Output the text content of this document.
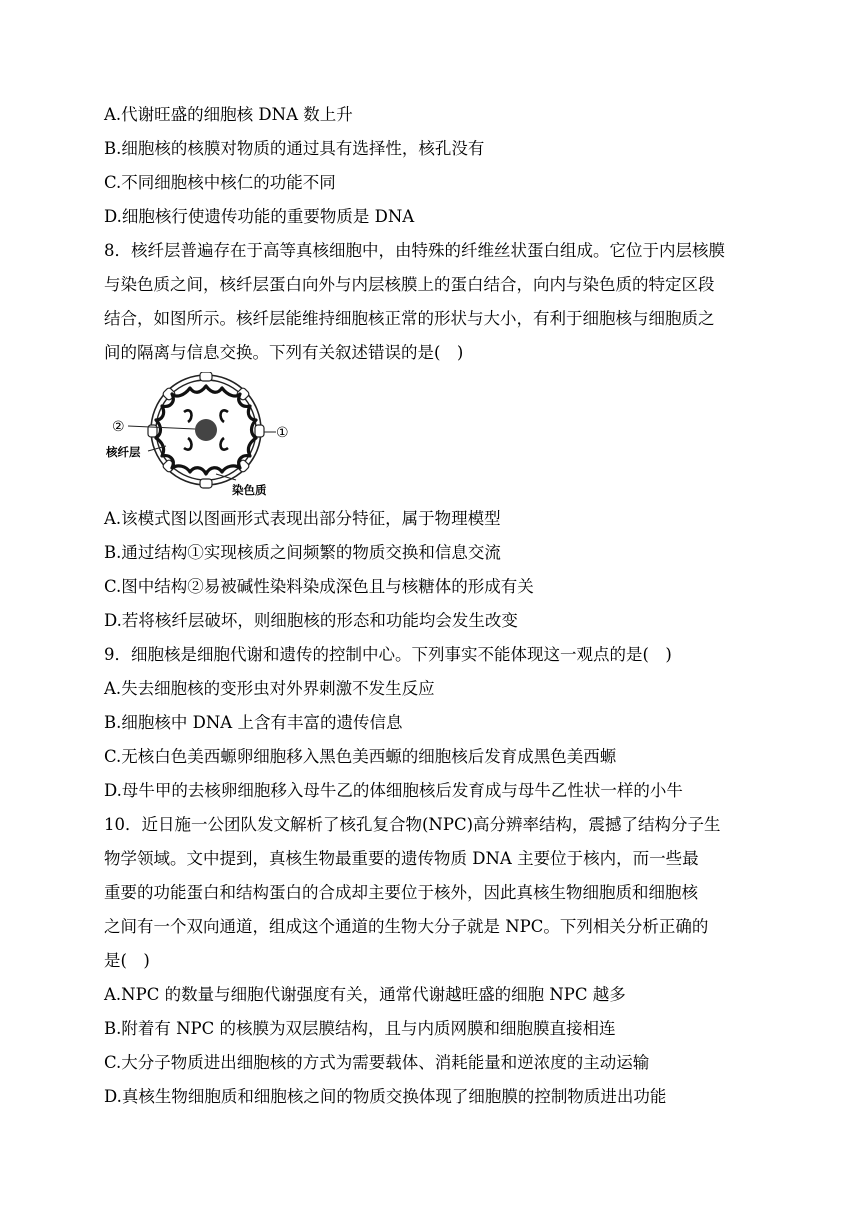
A.代谢旺盛的细胞核 DNA 数上升
B.细胞核的核膜对物质的通过具有选择性，核孔没有
C.不同细胞核中核仁的功能不同
D.细胞核行使遗传功能的重要物质是 DNA
8．核纤层普遍存在于高等真核细胞中，由特殊的纤维丝状蛋白组成。它位于内层核膜
与染色质之间，核纤层蛋白向外与内层核膜上的蛋白结合，向内与染色质的特定区段
结合，如图所示。核纤层能维持细胞核正常的形状与大小，有利于细胞核与细胞质之
间的隔离与信息交换。下列有关叙述错误的是(　)
②	①
核纤层
染色质
A.该模式图以图画形式表现出部分特征，属于物理模型
B.通过结构①实现核质之间频繁的物质交换和信息交流
C.图中结构②易被碱性染料染成深色且与核糖体的形成有关
D.若将核纤层破坏，则细胞核的形态和功能均会发生改变
9．细胞核是细胞代谢和遗传的控制中心。下列事实不能体现这一观点的是(　)
A.失去细胞核的变形虫对外界刺激不发生反应
B.细胞核中 DNA 上含有丰富的遗传信息
C.无核白色美西螈卵细胞移入黑色美西螈的细胞核后发育成黑色美西螈
D.母牛甲的去核卵细胞移入母牛乙的体细胞核后发育成与母牛乙性状一样的小牛
10．近日施一公团队发文解析了核孔复合物(NPC)高分辨率结构，震撼了结构分子生
物学领域。文中提到，真核生物最重要的遗传物质 DNA 主要位于核内，而一些最
重要的功能蛋白和结构蛋白的合成却主要位于核外，因此真核生物细胞质和细胞核
之间有一个双向通道，组成这个通道的生物大分子就是 NPC。下列相关分析正确的
是(　)
A.NPC 的数量与细胞代谢强度有关，通常代谢越旺盛的细胞 NPC 越多
B.附着有 NPC 的核膜为双层膜结构，且与内质网膜和细胞膜直接相连
C.大分子物质进出细胞核的方式为需要载体、消耗能量和逆浓度的主动运输
D.真核生物细胞质和细胞核之间的物质交换体现了细胞膜的控制物质进出功能
